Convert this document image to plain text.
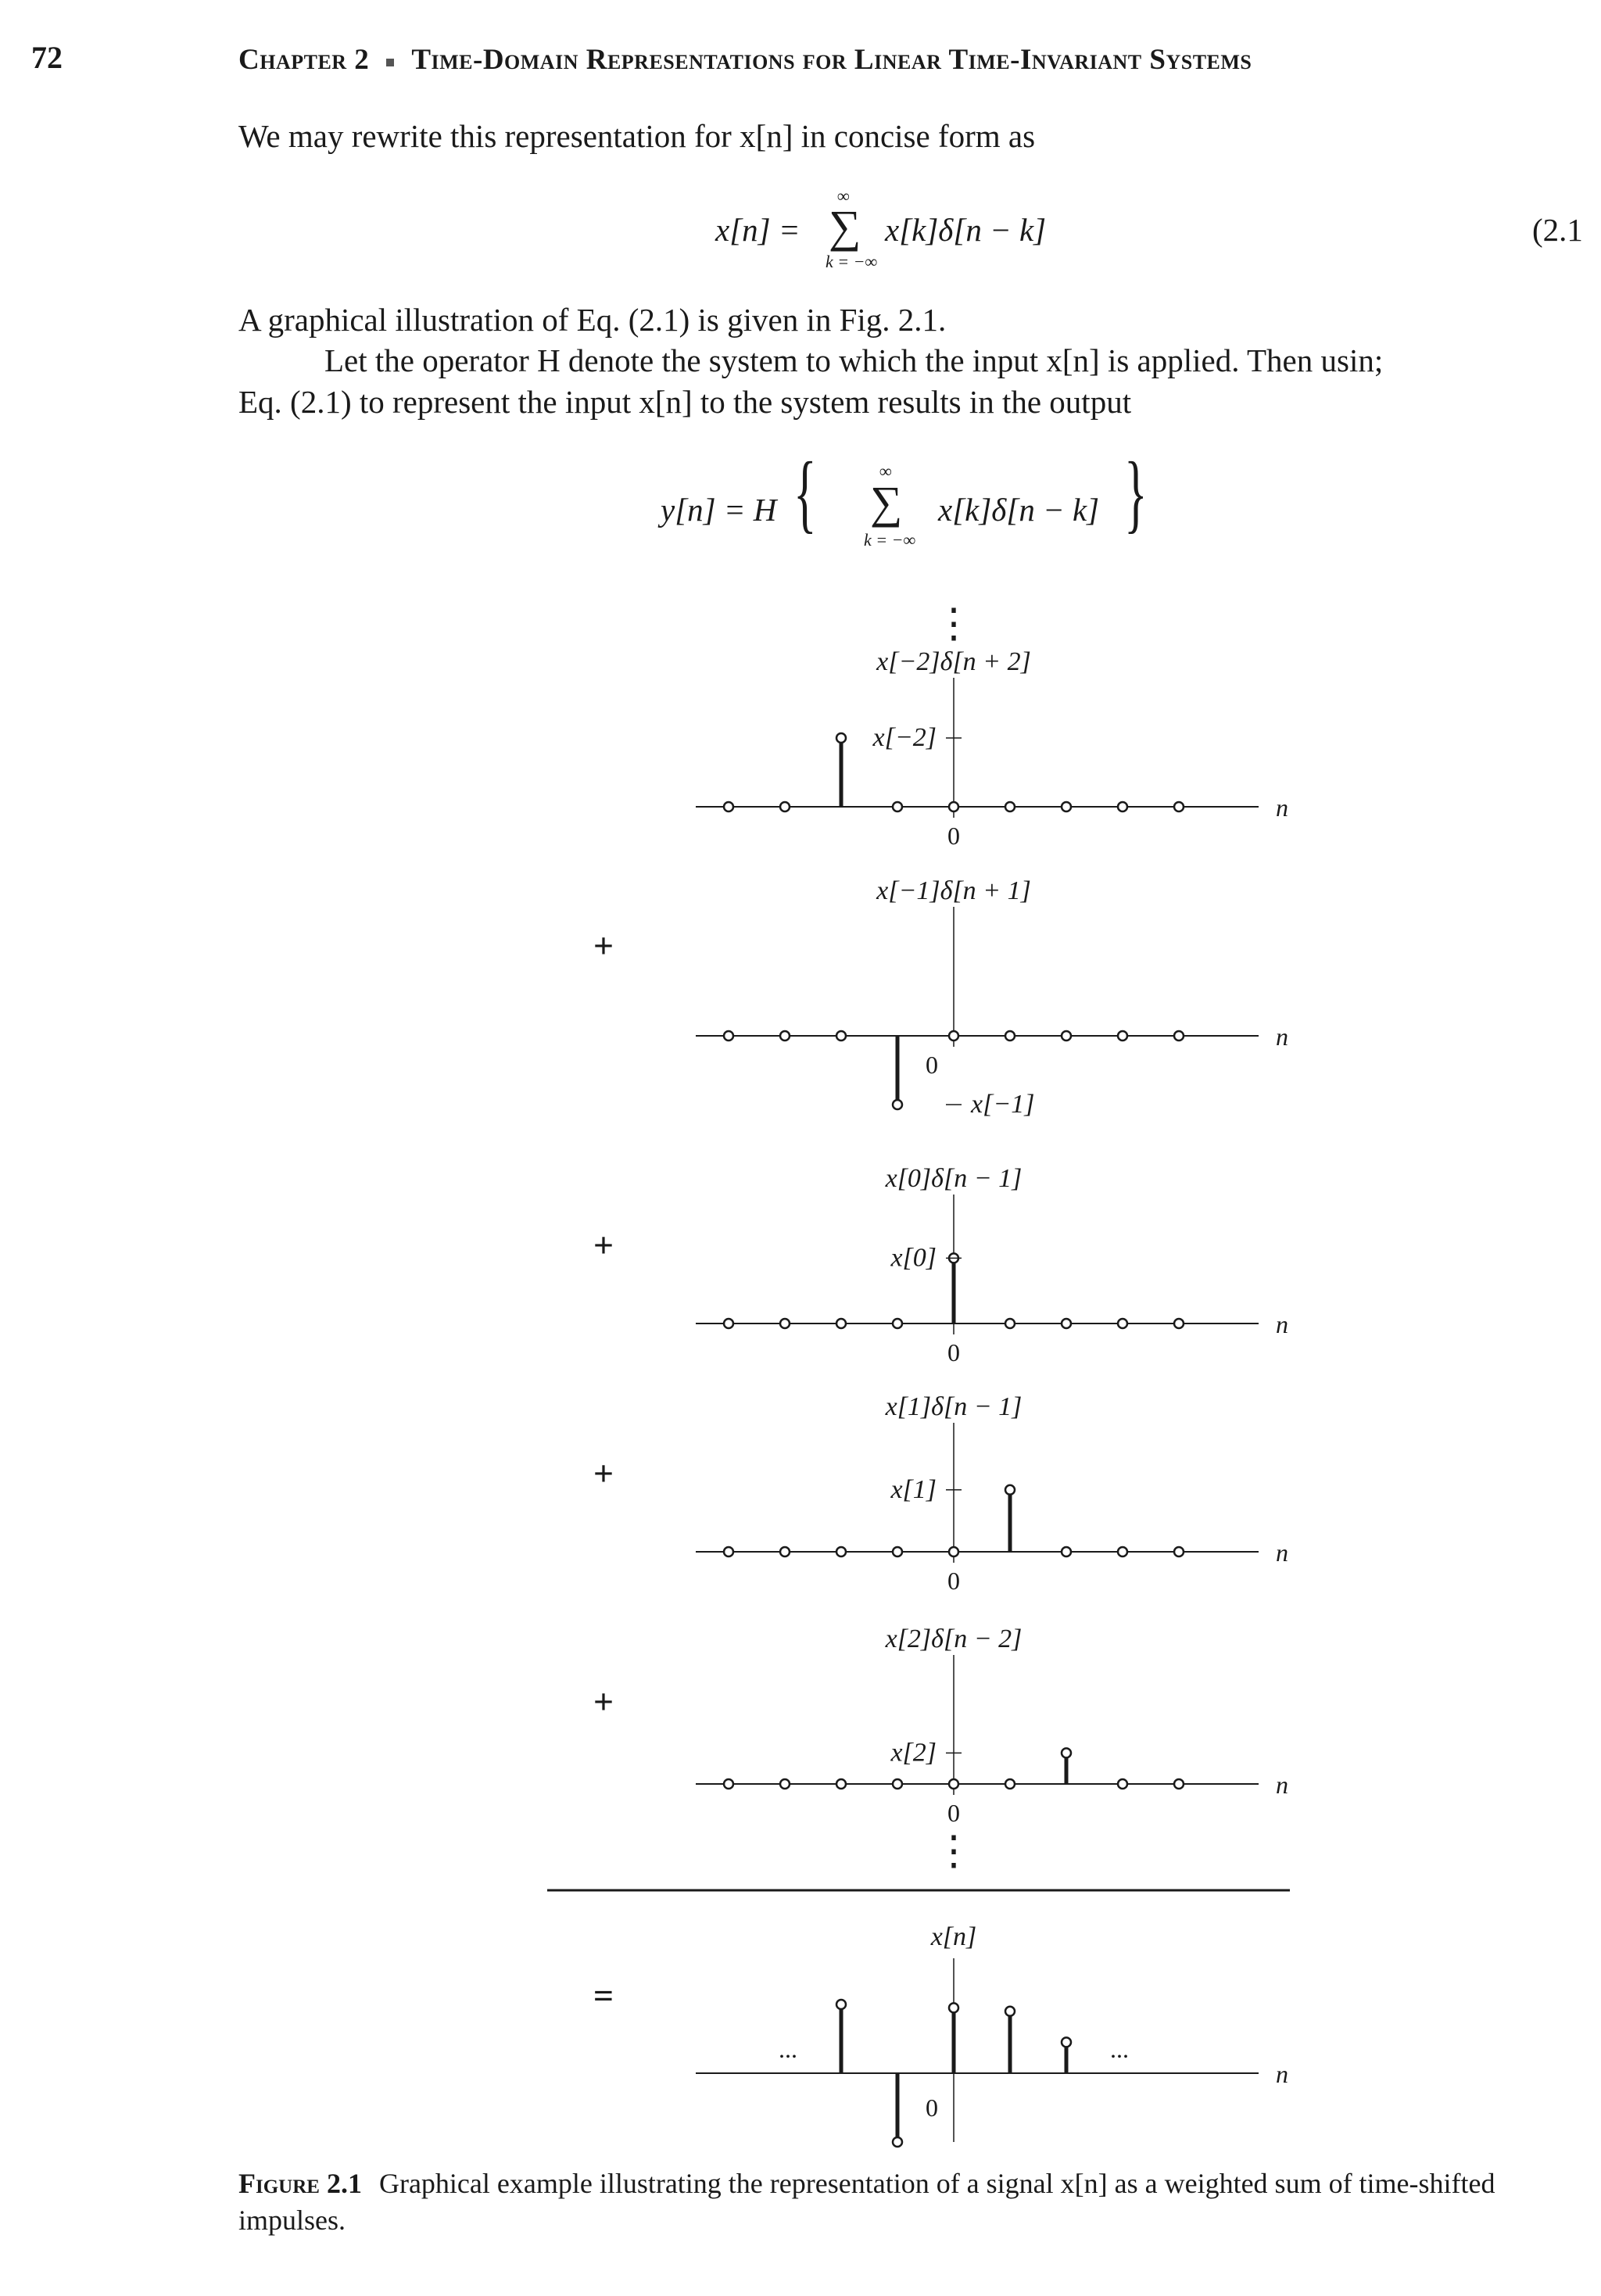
72	Chapter 2 Time-Domain Representations for Linear Time-Invariant Systems
We may rewrite this representation for x[n] in concise form as
x[n] =
∞
∑
k = −∞
x[k]δ[n − k]	(2.1
A graphical illustration of Eq. (2.1) is given in Fig. 2.1.
Let the operator H denote the system to which the input x[n] is applied. Then usin;
Eq. (2.1) to represent the input x[n] to the system results in the output
y[n] = H {	∞
∑
k = −∞
x[k]δ[n − k] }
⋮
n
x[−2]δ[n + 2]
x[−2]
0
n
x[−1]δ[n + 1]
x[−1]
0
n
x[0]δ[n − 1]
x[0]
0
n
x[1]δ[n − 1]
x[1]
0
n
x[2]δ[n − 2]
x[2]
0
+
+
+
+
⋮
x[n]
n
...	...
0
=
Figure 2.1 Graphical example illustrating the representation of a signal x[n] as a weighted sum of time-shifted impulses.
